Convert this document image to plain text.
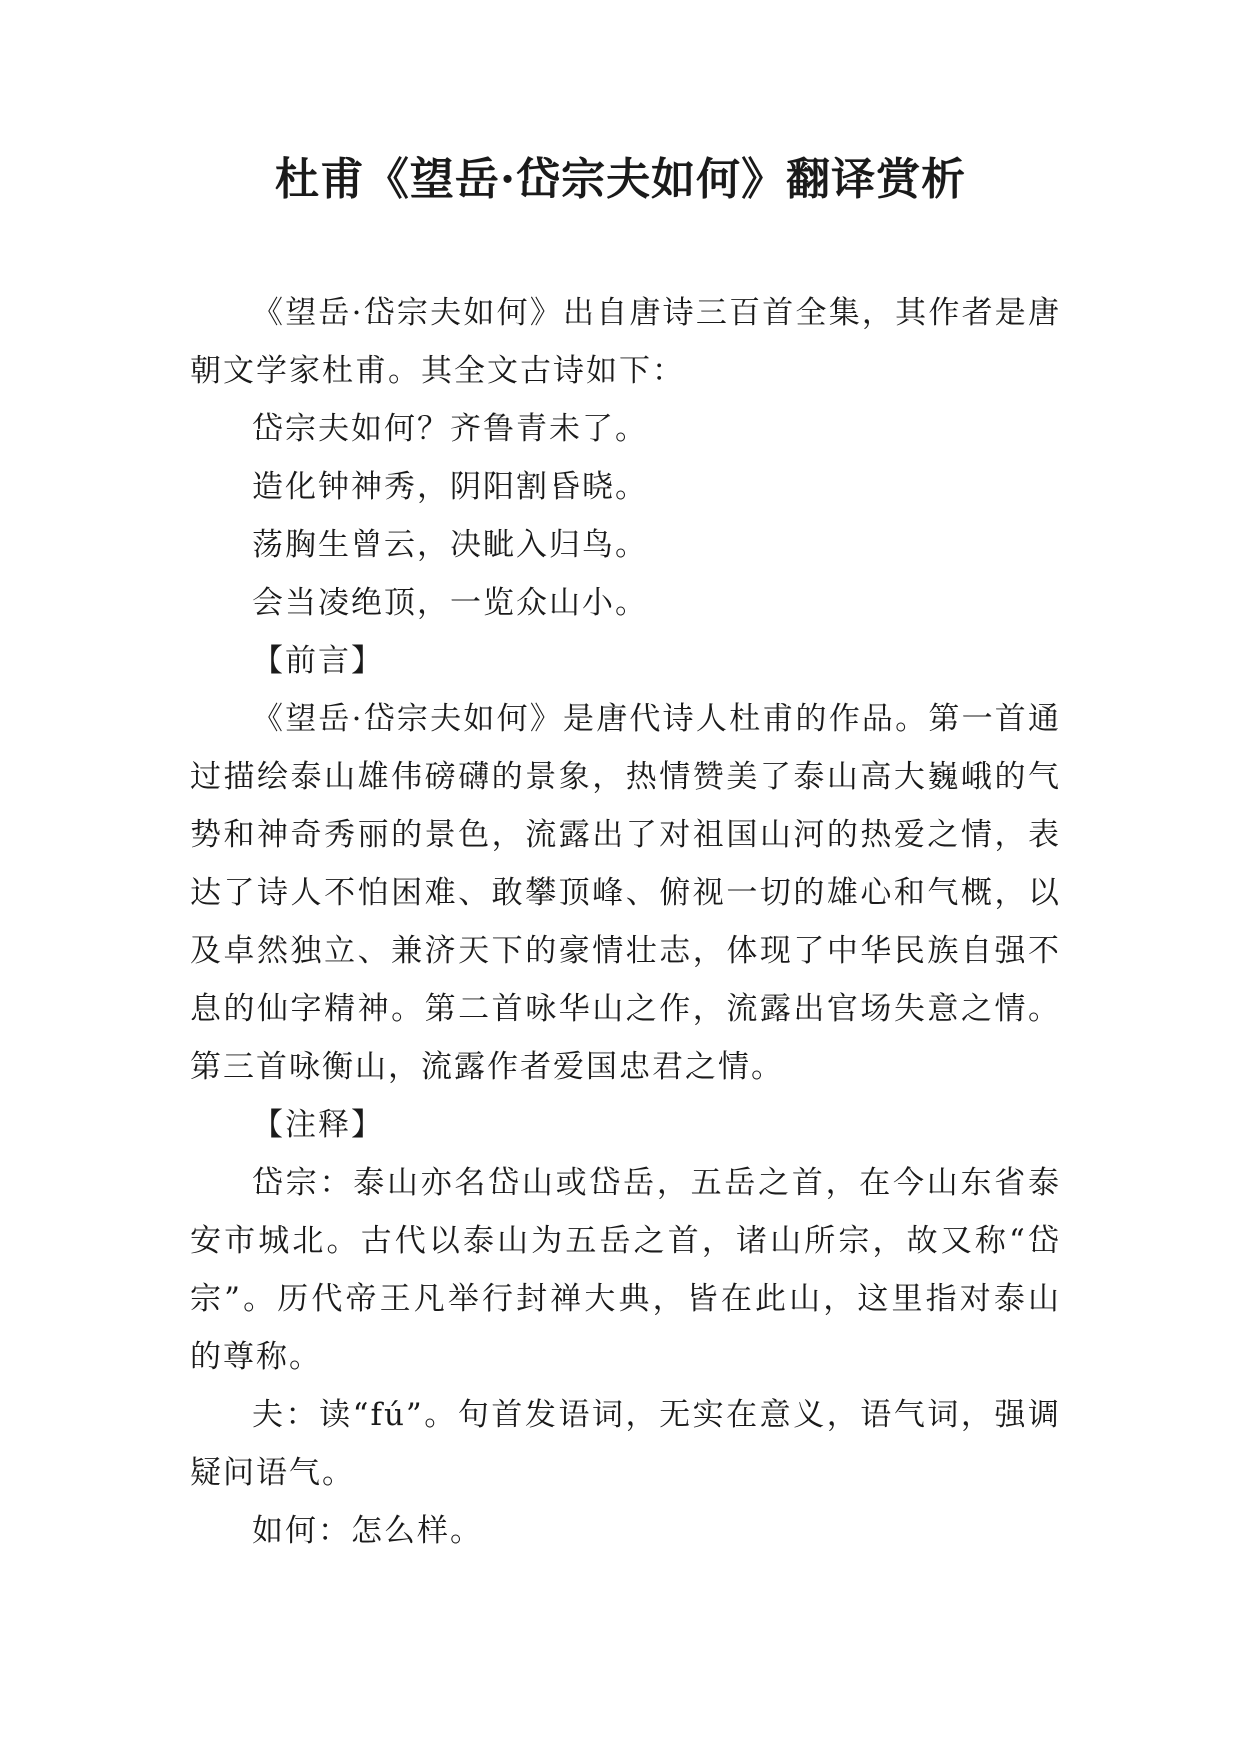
杜甫《望岳·岱宗夫如何》翻译赏析

《望岳·岱宗夫如何》出自唐诗三百首全集，其作者是唐朝文学家杜甫。其全文古诗如下：

岱宗夫如何？齐鲁青未了。

造化钟神秀，阴阳割昏晓。

荡胸生曾云，决眦入归鸟。

会当凌绝顶，一览众山小。

【前言】

《望岳·岱宗夫如何》是唐代诗人杜甫的作品。第一首通过描绘泰山雄伟磅礴的景象，热情赞美了泰山高大巍峨的气势和神奇秀丽的景色，流露出了对祖国山河的热爱之情，表达了诗人不怕困难、敢攀顶峰、俯视一切的雄心和气概，以及卓然独立、兼济天下的豪情壮志，体现了中华民族自强不息的仙字精神。第二首咏华山之作，流露出官场失意之情。第三首咏衡山，流露作者爱国忠君之情。

【注释】

岱宗：泰山亦名岱山或岱岳，五岳之首，在今山东省泰安市城北。古代以泰山为五岳之首，诸山所宗，故又称“岱宗”。历代帝王凡举行封禅大典，皆在此山，这里指对泰山的尊称。

夫：读“fú”。句首发语词，无实在意义，语气词，强调疑问语气。

如何：怎么样。
